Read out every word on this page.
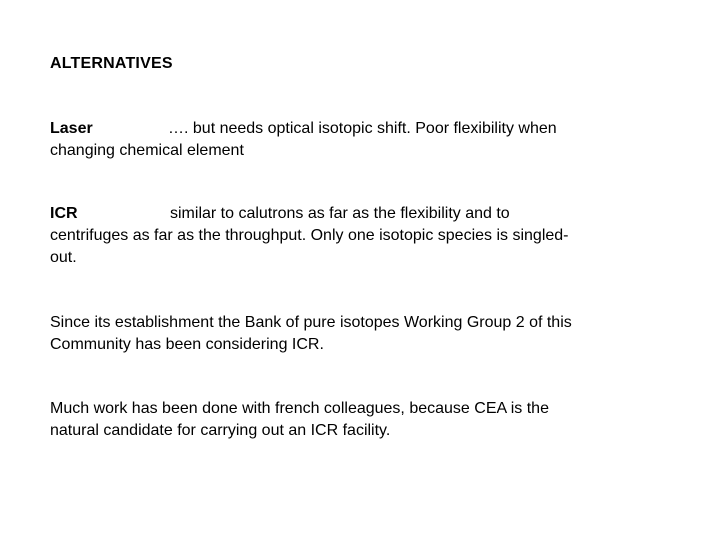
ALTERNATIVES
Laser	…. but needs optical isotopic shift. Poor flexibility when
changing chemical element
ICR	similar to calutrons as far as the flexibility and to
centrifuges as far as the throughput. Only one isotopic species is singled-
out.
Since its establishment the Bank of pure isotopes Working Group 2 of this
Community has been considering ICR.
Much work has been done with french colleagues, because CEA is the
natural candidate for carrying out an ICR facility.
